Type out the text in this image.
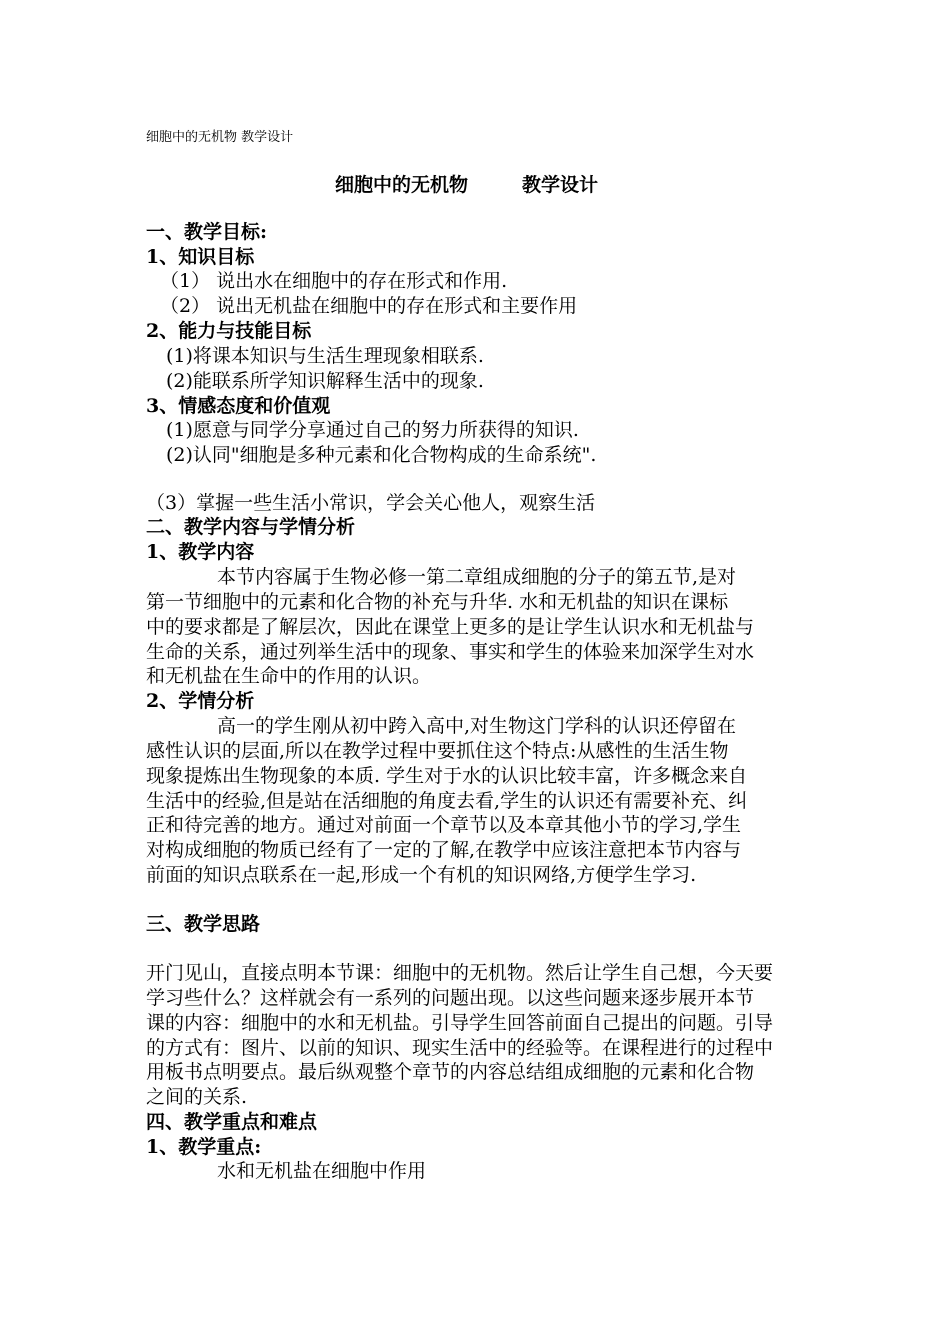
细胞中的无机物 教学设计
细胞中的无机物	教学设计
一、教学目标:
1、知识目标
（1） 说出水在细胞中的存在形式和作用.
（2） 说出无机盐在细胞中的存在形式和主要作用
2、能力与技能目标
(1)将课本知识与生活生理现象相联系.
(2)能联系所学知识解释生活中的现象.
3、情感态度和价值观
(1)愿意与同学分享通过自己的努力所获得的知识.
(2)认同"细胞是多种元素和化合物构成的生命系统".
（3）掌握一些生活小常识，学会关心他人，观察生活
二、教学内容与学情分析
1、教学内容
本节内容属于生物必修一第二章组成细胞的分子的第五节,是对
第一节细胞中的元素和化合物的补充与升华. 水和无机盐的知识在课标
中的要求都是了解层次，因此在课堂上更多的是让学生认识水和无机盐与
生命的关系，通过列举生活中的现象、事实和学生的体验来加深学生对水
和无机盐在生命中的作用的认识。
2、学情分析
高一的学生刚从初中跨入高中,对生物这门学科的认识还停留在
感性认识的层面,所以在教学过程中要抓住这个特点:从感性的生活生物
现象提炼出生物现象的本质. 学生对于水的认识比较丰富，许多概念来自
生活中的经验,但是站在活细胞的角度去看,学生的认识还有需要补充、纠
正和待完善的地方。通过对前面一个章节以及本章其他小节的学习,学生
对构成细胞的物质已经有了一定的了解,在教学中应该注意把本节内容与
前面的知识点联系在一起,形成一个有机的知识网络,方便学生学习.
三、教学思路
开门见山，直接点明本节课：细胞中的无机物。然后让学生自己想，今天要
学习些什么？这样就会有一系列的问题出现。以这些问题来逐步展开本节
课的内容：细胞中的水和无机盐。引导学生回答前面自己提出的问题。引导
的方式有：图片、以前的知识、现实生活中的经验等。在课程进行的过程中
用板书点明要点。最后纵观整个章节的内容总结组成细胞的元素和化合物
之间的关系.
四、教学重点和难点
1、教学重点:
水和无机盐在细胞中作用
